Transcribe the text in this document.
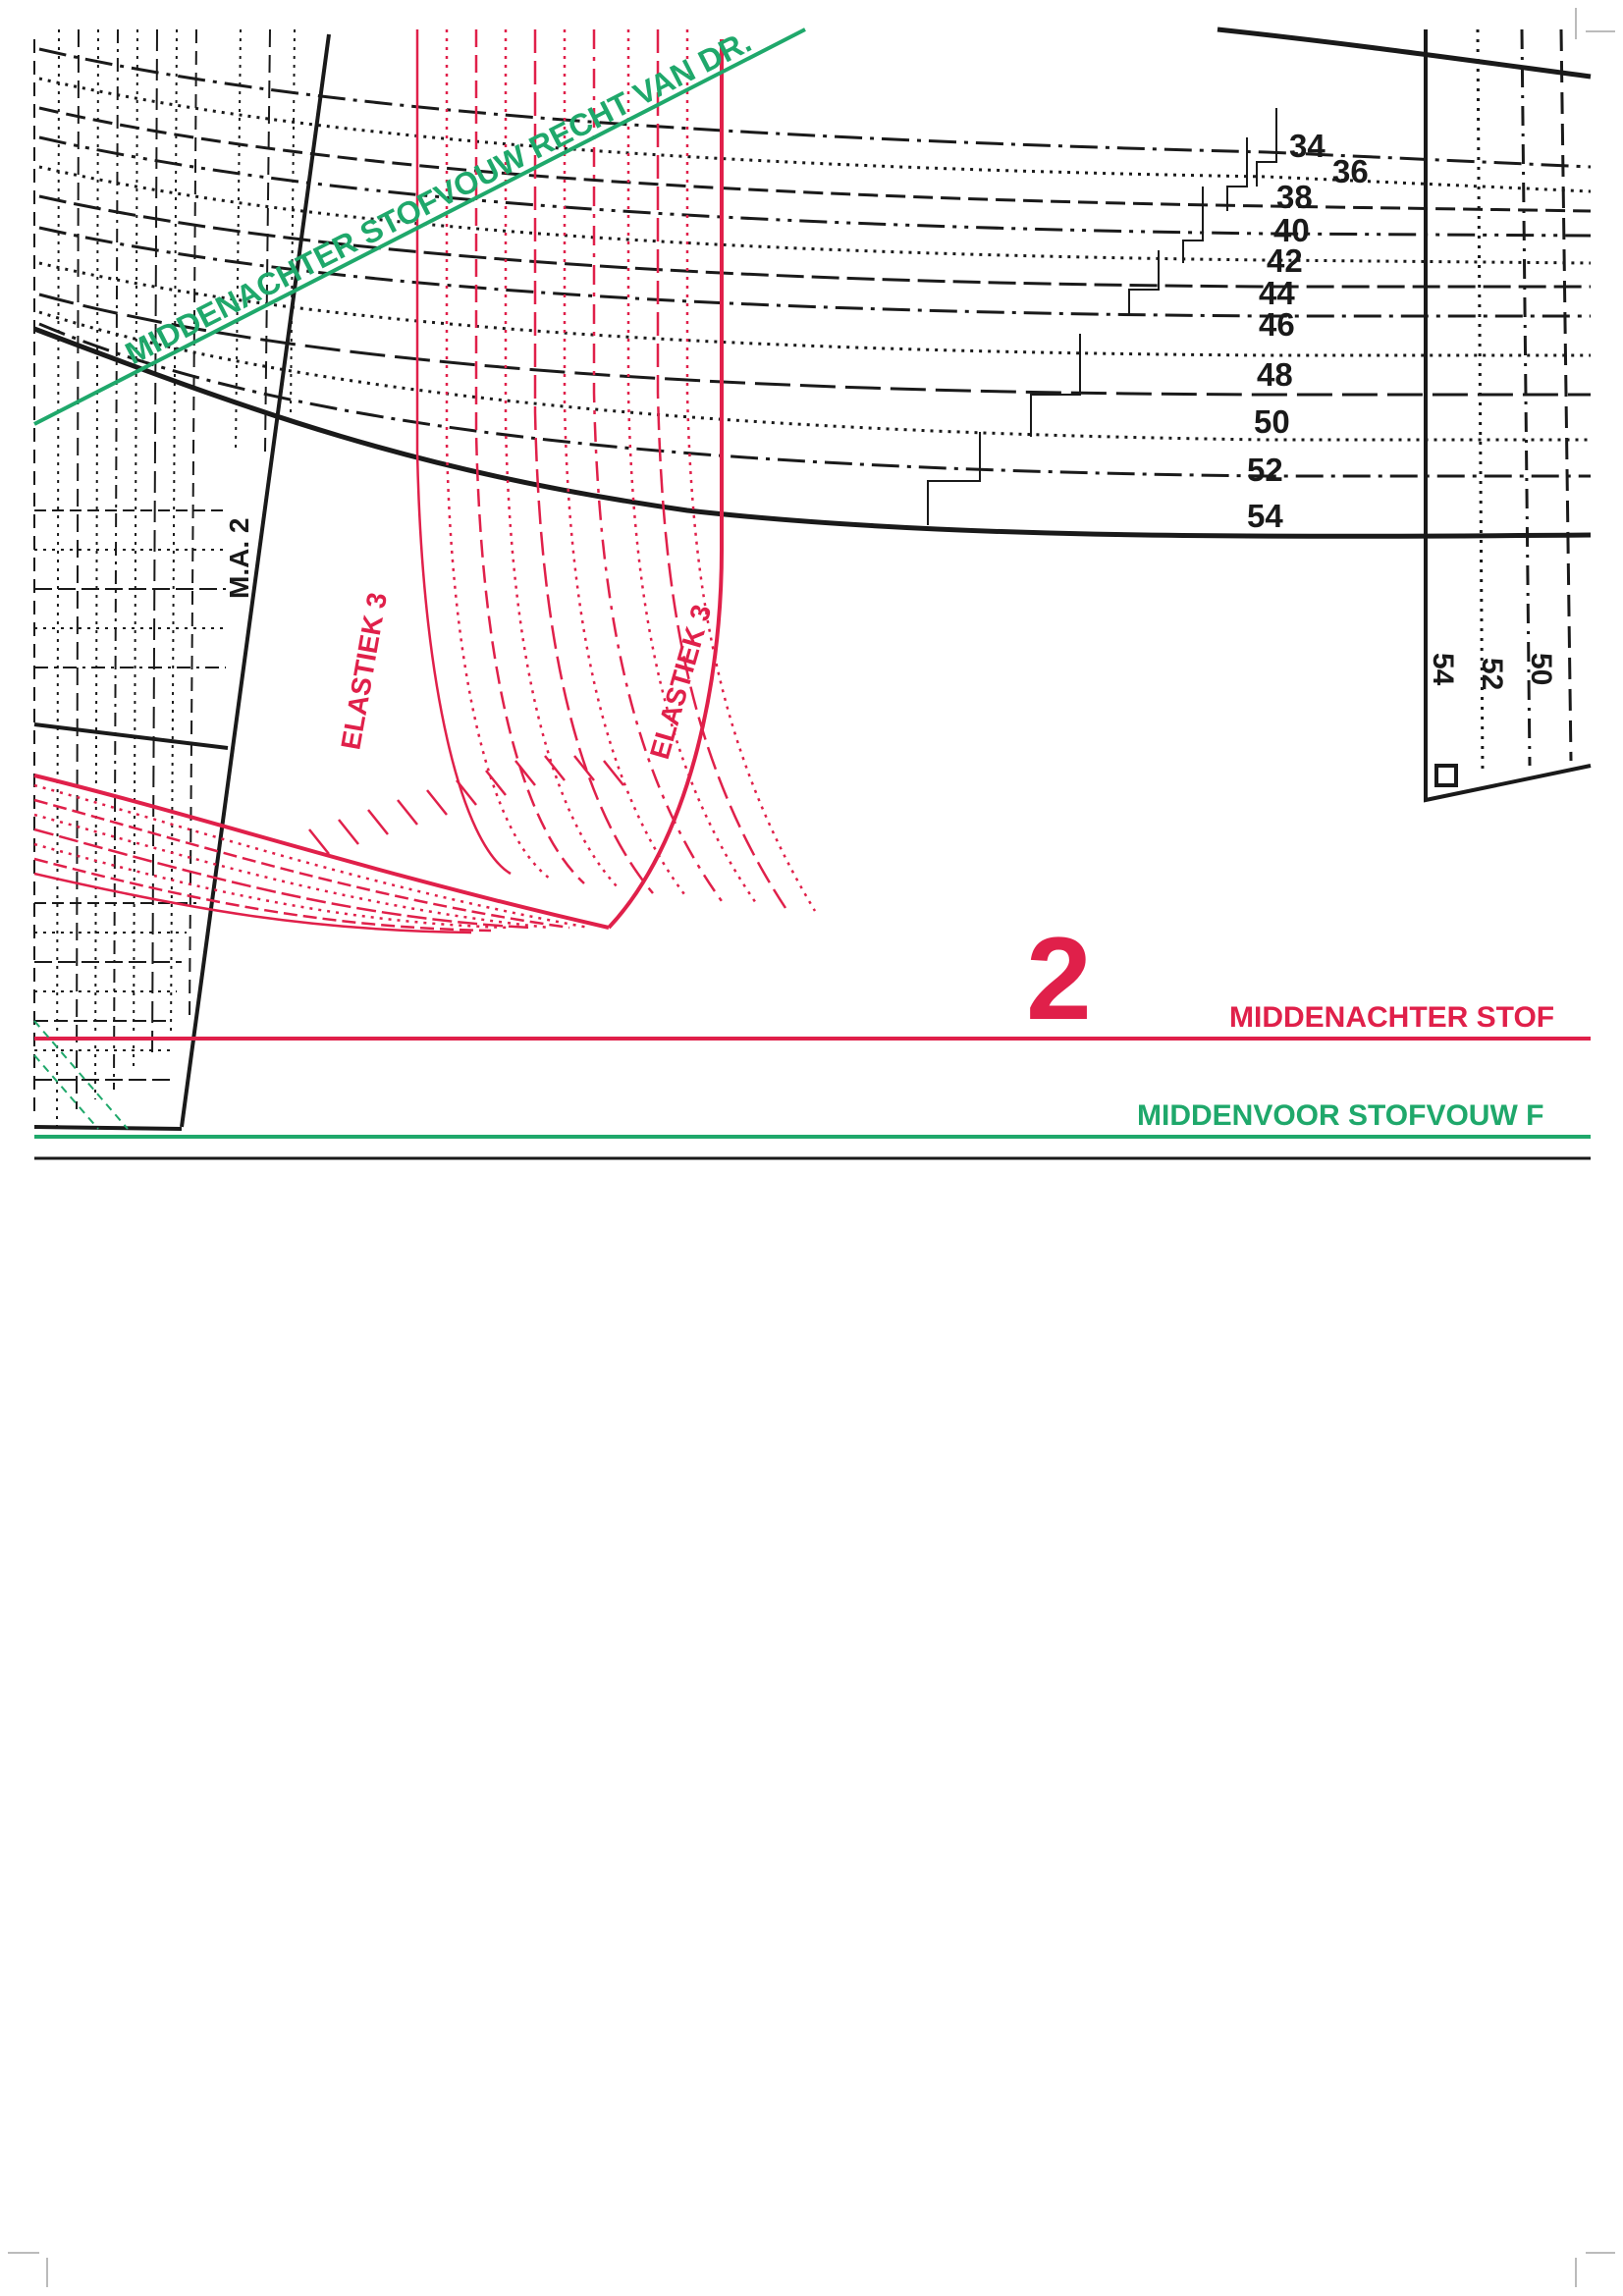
MIDDENACHTER STOFVOUW RECHT VAN DR.
M.A. 2
ELASTIEK 3	ELASTIEK 3
34
36
38
40
42
44
46
48
50
52
54
54 52 50
2	MIDDENACHTER STOF
MIDDENVOOR STOFVOUW F
